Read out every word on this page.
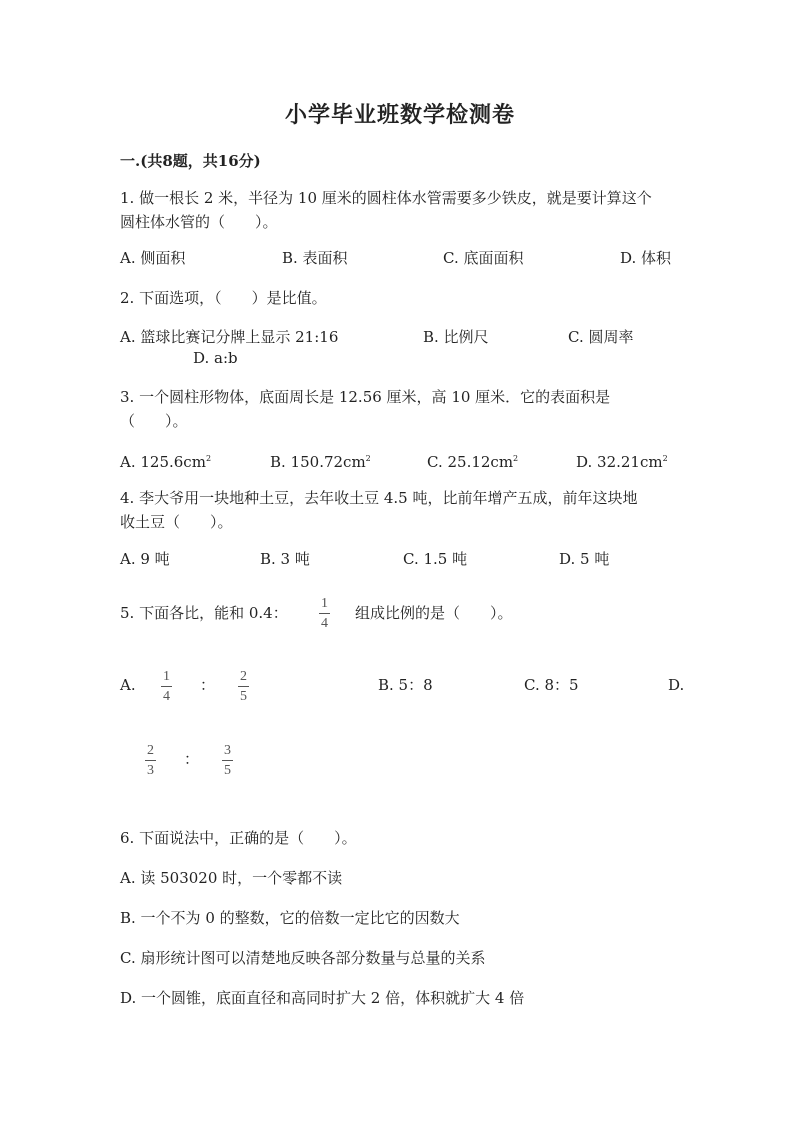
小学毕业班数学检测卷
一.(共8题，共16分)
1. 做一根长 2 米，半径为 10 厘米的圆柱体水管需要多少铁皮，就是要计算这个
圆柱体水管的（　　）。
A. 侧面积	B. 表面积	C. 底面面积	D. 体积
2. 下面选项，（　　）是比值。
A. 篮球比赛记分牌上显示 21:16	B. 比例尺	C. 圆周率
D. a:b
3. 一个圆柱形物体，底面周长是 12.56 厘米，高 10 厘米．它的表面积是
（　　）。
A. $125.6cm^2$	B. $150.72cm^2$	C. $25.12cm^2$	D. $32.21cm^2$
4. 李大爷用一块地种土豆，去年收土豆 4.5 吨，比前年增产五成，前年这块地
收土豆（　　）。
A. 9 吨	B. 3 吨	C. 1.5 吨	D. 5 吨
5. 下面各比，能和 0.4：
1
4
组成比例的是（　　）。
A. 1
4
： 2
5
B. 5：8	C. 8：5	D.
2
3
： 3
5
6. 下面说法中，正确的是（　　）。
A. 读 503020 时，一个零都不读
B. 一个不为 0 的整数，它的倍数一定比它的因数大
C. 扇形统计图可以清楚地反映各部分数量与总量的关系
D. 一个圆锥，底面直径和高同时扩大 2 倍，体积就扩大 4 倍
